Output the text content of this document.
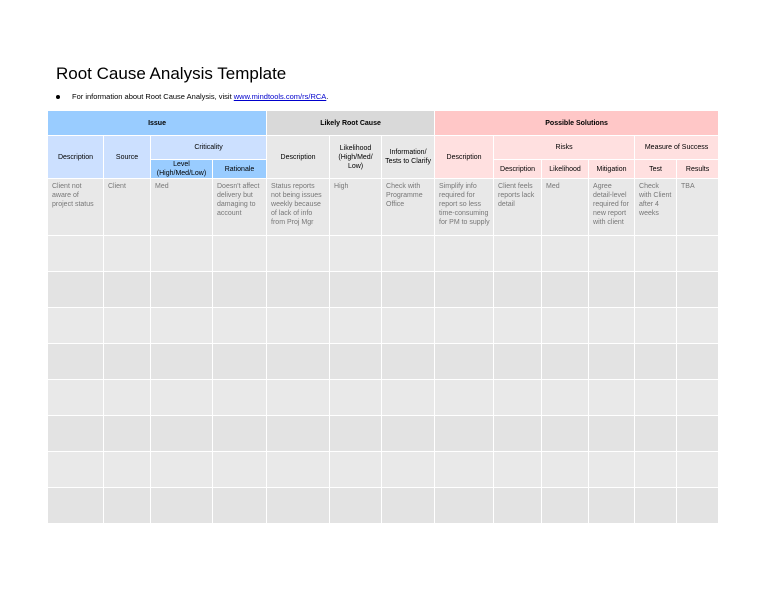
Root Cause Analysis Template
For information about Root Cause Analysis, visit
www.mindtools.com/rs/RCA .
Issue				Likely Root Cause			Possible Solutions					
Description	Source	Criticality		Description	Likelihood (High/Med/ Low)	Information/ Tests to Clarify	Description	Risks			Measure of Success	
		Level (High/Med/Low)	Rationale					Description	Likelihood	Mitigation	Test	Results
Client not aware of project status	Client	Med	Doesn't affect delivery but damaging to account	Status reports not being issues weekly because of lack of info from Proj Mgr	High	Check with Programme Office	Simplify info required for report so less time-consuming for PM to supply	Client feels reports lack detail	Med	Agree detail-level required for new report with client	Check with Client after 4 weeks	TBA
